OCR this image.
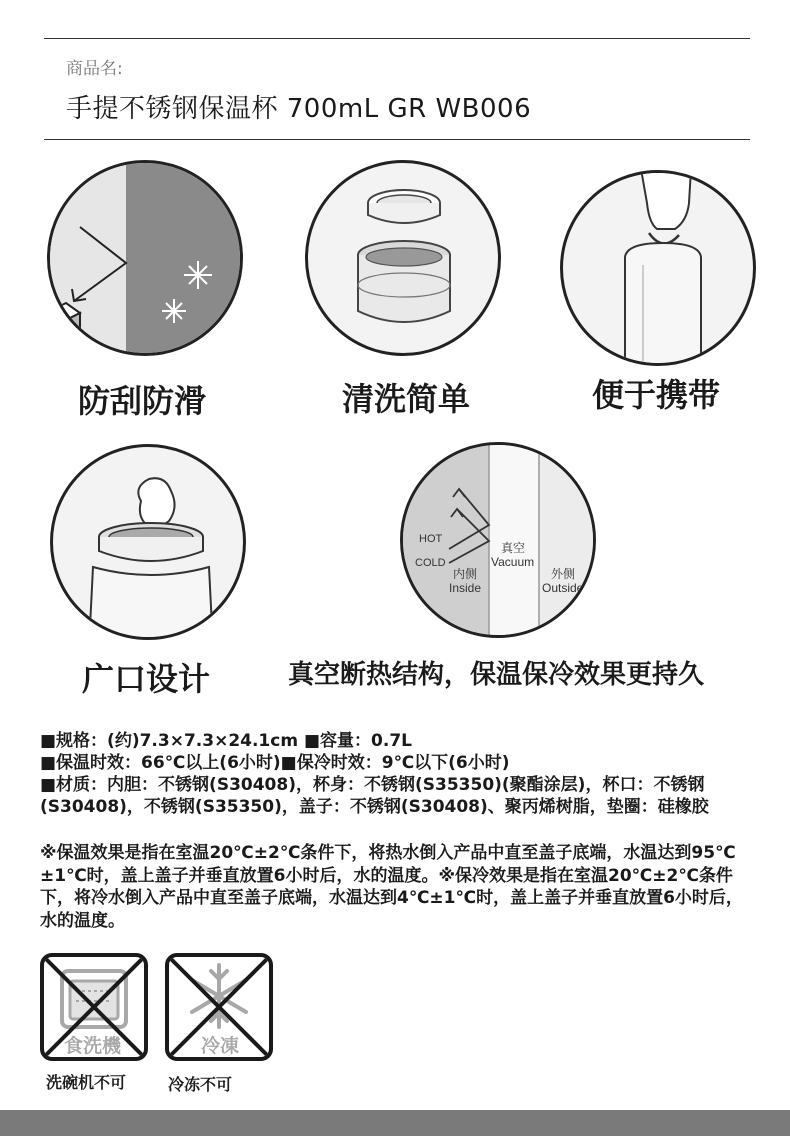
商品名:
手提不锈钢保温杯 700mL GR WB006
防刮防滑	清洗简单	便于携带
广口设计
HOT
COLD
内侧
Inside
真空
Vacuum
外侧
Outside
真空断热结构，保温保冷效果更持久
■规格：(约)7.3×7.3×24.1cm ■容量：0.7L
■保温时效：66℃以上(6小时)■保冷时效：9℃以下(6小时)
■材质：内胆：不锈钢(S30408)，杯身：不锈钢(S35350)(聚酯涂层)，杯口：不锈钢(S30408)，不锈钢(S35350)，盖子：不锈钢(S30408)、聚丙烯树脂，垫圈：硅橡胶
※保温效果是指在室温20℃±2℃条件下，将热水倒入产品中直至盖子底端，水温达到95℃±1℃时，盖上盖子并垂直放置6小时后，水的温度。※保冷效果是指在室温20℃±2℃条件下，将冷水倒入产品中直至盖子底端，水温达到4℃±1℃时，盖上盖子并垂直放置6小时后，水的温度。
食洗機
洗碗机不可
冷凍
冷冻不可
